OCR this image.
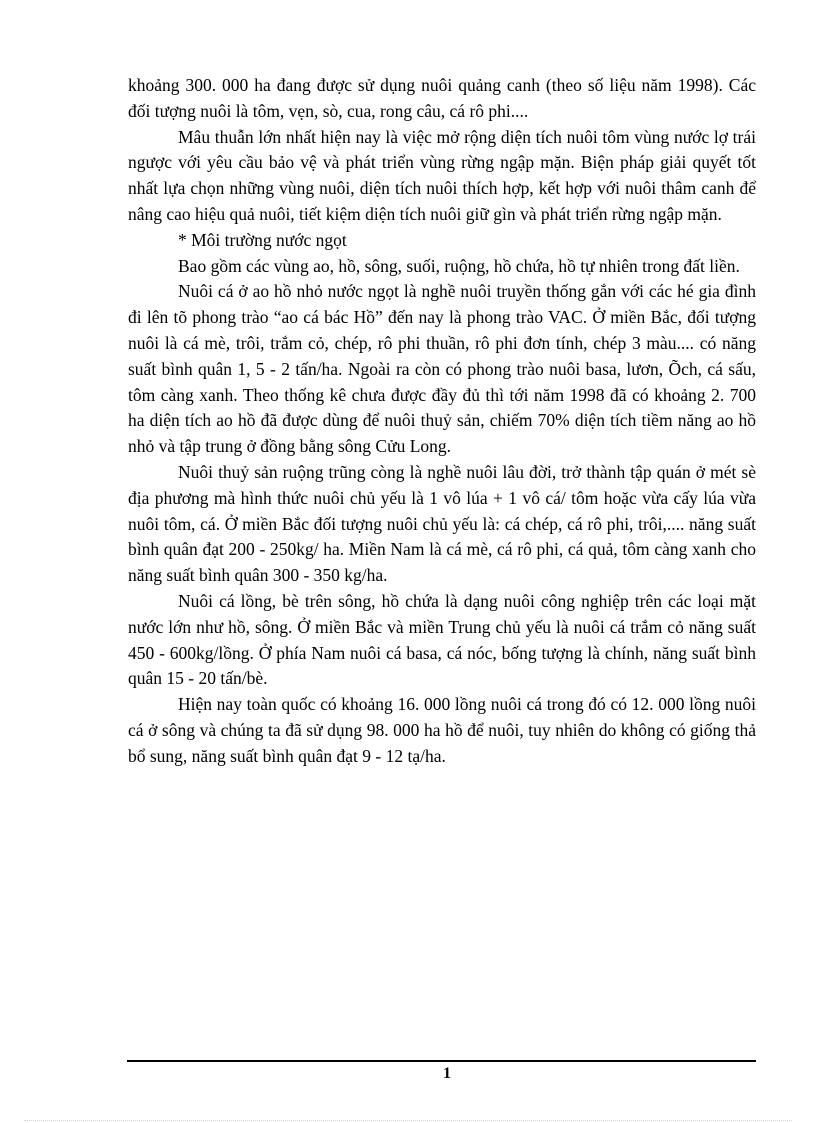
khoảng 300. 000 ha đang được sử dụng nuôi quảng canh (theo số liệu năm 1998). Các đối tượng nuôi là tôm, vẹn, sò, cua, rong câu, cá rô phi....

Mâu thuẫn lớn nhất hiện nay là việc mở rộng diện tích nuôi tôm vùng nước lợ trái ngược với yêu cầu bảo vệ và phát triển vùng rừng ngập mặn. Biện pháp giải quyết tốt nhất lựa chọn những vùng nuôi, diện tích nuôi thích hợp, kết hợp với nuôi thâm canh để nâng cao hiệu quả nuôi, tiết kiệm diện tích nuôi giữ gìn và phát triển rừng ngập mặn.

* Môi trường nước ngọt

Bao gồm các vùng ao, hồ, sông, suối, ruộng, hồ chứa, hồ tự nhiên trong đất liền.

Nuôi cá ở ao hồ nhỏ nước ngọt là nghề nuôi truyền thống gắn với các hé gia đình đi lên tõ phong trào “ao cá bác Hồ” đến nay là phong trào VAC. Ở miền Bắc, đối tượng nuôi là cá mè, trôi, trắm cỏ, chép, rô phi thuần, rô phi đơn tính, chép 3 màu.... có năng suất bình quân 1, 5 - 2 tấn/ha. Ngoài ra còn có phong trào nuôi basa, lươn, Õch, cá sấu, tôm càng xanh. Theo thống kê chưa được đầy đủ thì tới năm 1998 đã có khoảng 2. 700 ha diện tích ao hồ đã được dùng để nuôi thuỷ sản, chiếm 70% diện tích tiềm năng ao hồ nhỏ và tập trung ở đồng bằng sông Cửu Long.

Nuôi thuỷ sản ruộng trũng còng là nghề nuôi lâu đời, trở thành tập quán ở mét sè địa phương mà hình thức nuôi chủ yếu là 1 vô lúa + 1 vô cá/ tôm hoặc vừa cấy lúa vừa nuôi tôm, cá. Ở miền Bắc đối tượng nuôi chủ yếu là: cá chép, cá rô phi, trôi,.... năng suất bình quân đạt 200 - 250kg/ ha. Miền Nam là cá mè, cá rô phi, cá quả, tôm càng xanh cho năng suất bình quân 300 - 350 kg/ha.

Nuôi cá lồng, bè trên sông, hồ chứa là dạng nuôi công nghiệp trên các loại mặt nước lớn như hồ, sông. Ở miền Bắc và miền Trung chủ yếu là nuôi cá trắm cỏ năng suất 450 - 600kg/lồng. Ở phía Nam nuôi cá basa, cá nóc, bống tượng là chính, năng suất bình quân 15 - 20 tấn/bè.

Hiện nay toàn quốc có khoảng 16. 000 lồng nuôi cá trong đó có 12. 000 lồng nuôi cá ở sông và chúng ta đã sử dụng 98. 000 ha hồ để nuôi, tuy nhiên do không có giống thả bổ sung, năng suất bình quân đạt 9 - 12 tạ/ha.

1
